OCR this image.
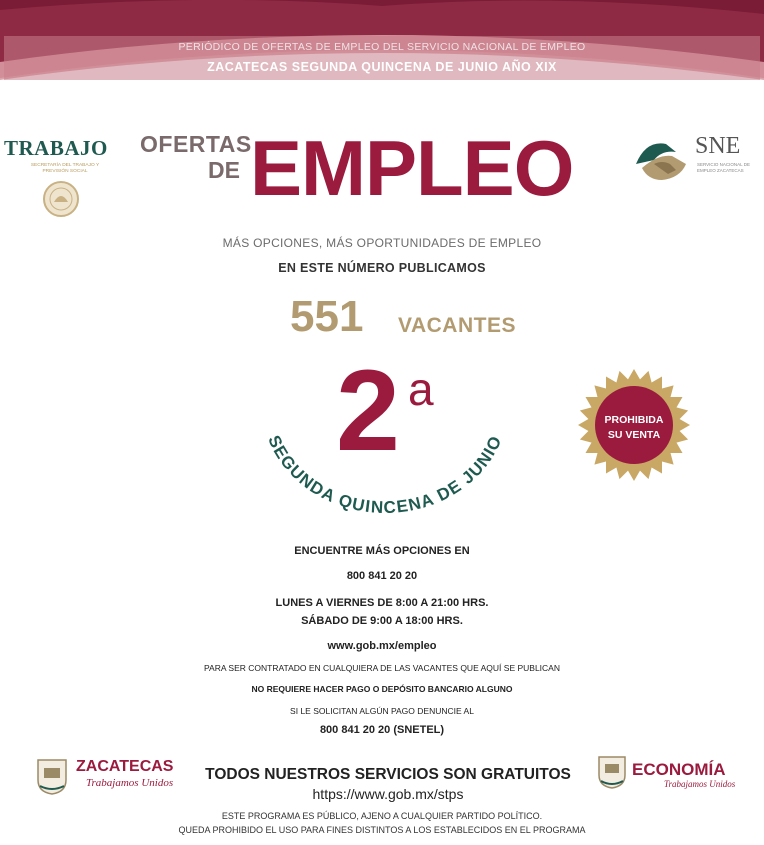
PERIÓDICO DE OFERTAS DE EMPLEO DEL SERVICIO NACIONAL DE EMPLEO
ZACATECAS SEGUNDA QUINCENA DE JUNIO AÑO XIX
TRABAJO
SECRETARÍA DEL TRABAJO Y PREVISIÓN SOCIAL
OFERTAS
DE EMPLEO	SNE
SERVICIO NACIONAL DE EMPLEO ZACATECAS
MÁS OPCIONES, MÁS OPORTUNIDADES DE EMPLEO
EN ESTE NÚMERO PUBLICAMOS
551 VACANTES
2 a
SEGUNDA QUINCENA DE JUNIO
PROHIBIDA
SU VENTA
ENCUENTRE MÁS OPCIONES EN
800 841 20 20
LUNES A VIERNES DE 8:00 A 21:00 HRS.
SÁBADO DE 9:00 A 18:00 HRS.
www.gob.mx/empleo
PARA SER CONTRATADO EN CUALQUIERA DE LAS VACANTES QUE AQUÍ SE PUBLICAN
NO REQUIERE HACER PAGO O DEPÓSITO BANCARIO ALGUNO
SI LE SOLICITAN ALGÚN PAGO DENUNCIE AL
800 841 20 20 (SNETEL)
ZACATECAS
Trabajamos Unidos	TODOS NUESTROS SERVICIOS SON GRATUITOS
https://www.gob.mx/stps
ECONOMÍA
Trabajamos Unidos
ESTE PROGRAMA ES PÚBLICO, AJENO A CUALQUIER PARTIDO POLÍTICO.
QUEDA PROHIBIDO EL USO PARA FINES DISTINTOS A LOS ESTABLECIDOS EN EL PROGRAMA
